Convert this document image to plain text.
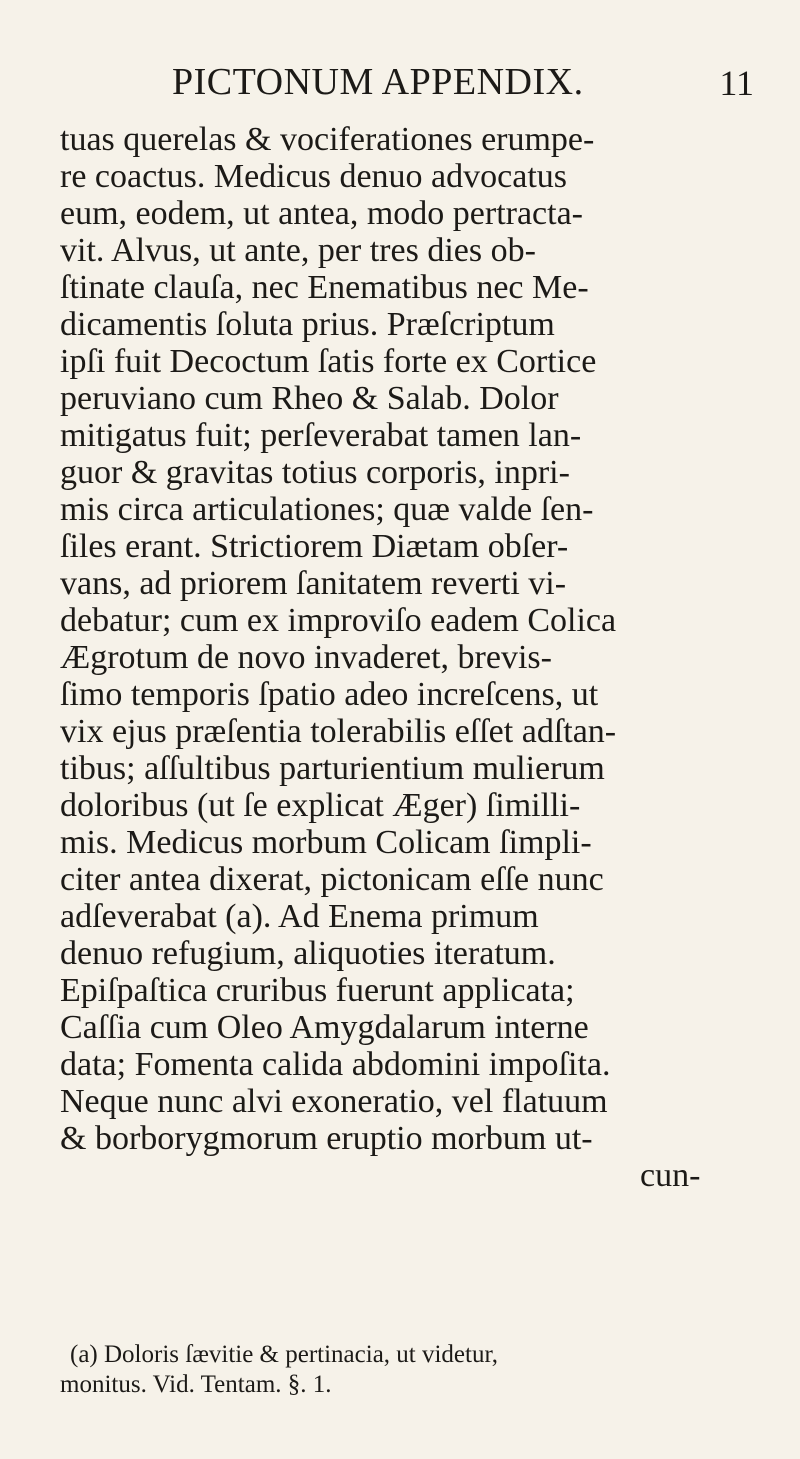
PICTONUM APPENDIX.	11
tuas querelas & vociferationes erumpe-
re coactus. Medicus denuo advocatus
eum, eodem, ut antea, modo pertracta-
vit. Alvus, ut ante, per tres dies ob-
ſtinate clauſa, nec Enematibus nec Me-
dicamentis ſoluta prius. Præſcriptum
ipſi fuit Decoctum ſatis forte ex Cortice
peruviano cum Rheo & Salab. Dolor
mitigatus fuit; perſeverabat tamen lan-
guor & gravitas totius corporis, inpri-
mis circa articulationes; quæ valde ſen-
ſiles erant. Strictiorem Diætam obſer-
vans, ad priorem ſanitatem reverti vi-
debatur; cum ex improviſo eadem Colica
Ægrotum de novo invaderet, brevis-
ſimo temporis ſpatio adeo increſcens, ut
vix ejus præſentia tolerabilis eſſet adſtan-
tibus; aſſultibus parturientium mulierum
doloribus (ut ſe explicat Æger) ſimilli-
mis. Medicus morbum Colicam ſimpli-
citer antea dixerat, pictonicam eſſe nunc
adſeverabat (a). Ad Enema primum
denuo refugium, aliquoties iteratum.
Epiſpaſtica cruribus fuerunt applicata;
Caſſia cum Oleo Amygdalarum interne
data; Fomenta calida abdomini impoſita.
Neque nunc alvi exoneratio, vel flatuum
& borborygmorum eruptio morbum ut-
cun-
(a) Doloris ſævitie & pertinacia, ut videtur,
monitus. Vid. Tentam. §. 1.
